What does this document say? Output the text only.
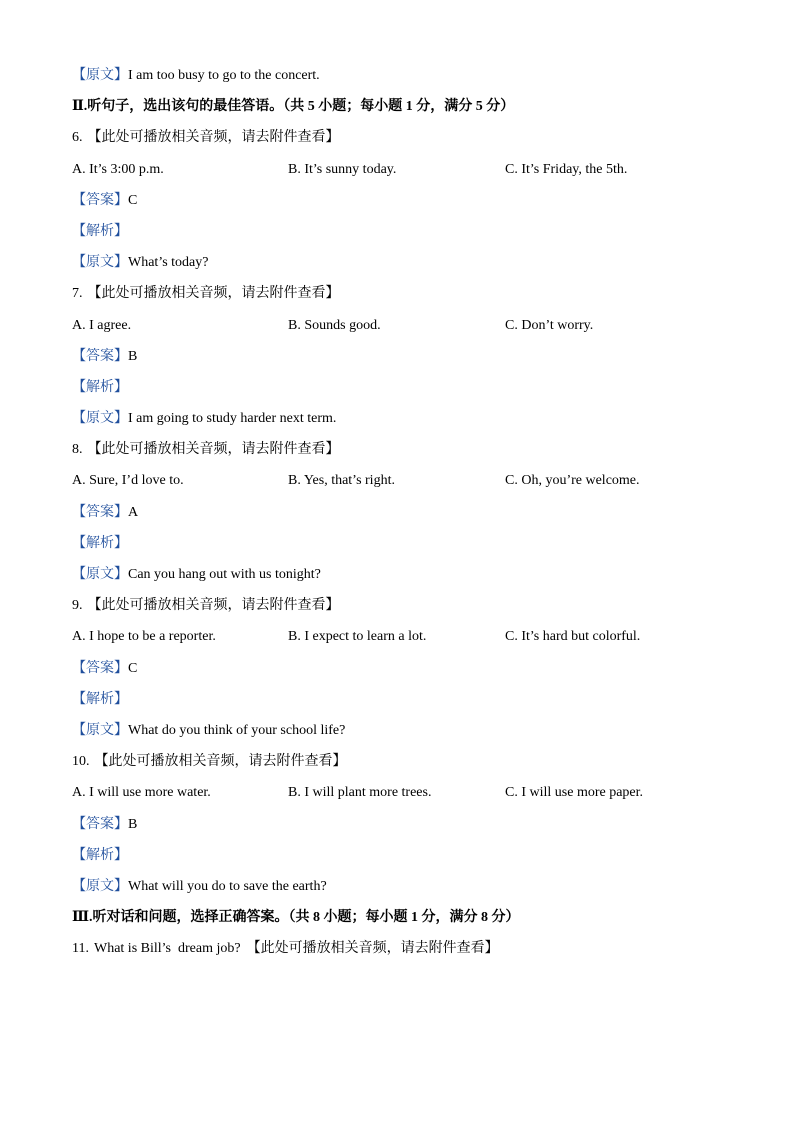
【原文】 I am too busy to go to the concert.
Ⅱ.听句子，选出该句的最佳答语。（共 5 小题；每小题 1 分，满分 5 分）
6. 【此处可播放相关音频，请去附件查看】
A. It’s 3:00 p.m.	B. It’s sunny today.	C. It’s Friday, the 5th.
【答案】 C
【解析】
【原文】 What’s today?
7. 【此处可播放相关音频，请去附件查看】
A. I agree.	B. Sounds good.	C. Don’t worry.
【答案】 B
【解析】
【原文】 I am going to study harder next term.
8. 【此处可播放相关音频，请去附件查看】
A. Sure, I’d love to.	B. Yes, that’s right.	C. Oh, you’re welcome.
【答案】 A
【解析】
【原文】 Can you hang out with us tonight?
9. 【此处可播放相关音频，请去附件查看】
A. I hope to be a reporter.	B. I expect to learn a lot.	C. It’s hard but colorful.
【答案】 C
【解析】
【原文】 What do you think of your school life?
10. 【此处可播放相关音频，请去附件查看】
A. I will use more water.	B. I will plant more trees.	C. I will use more paper.
【答案】 B
【解析】
【原文】 What will you do to save the earth?
Ⅲ.听对话和问题，选择正确答案。（共 8 小题；每小题 1 分，满分 8 分）
11. What is Bill’s  dream job? 【此处可播放相关音频，请去附件查看】
